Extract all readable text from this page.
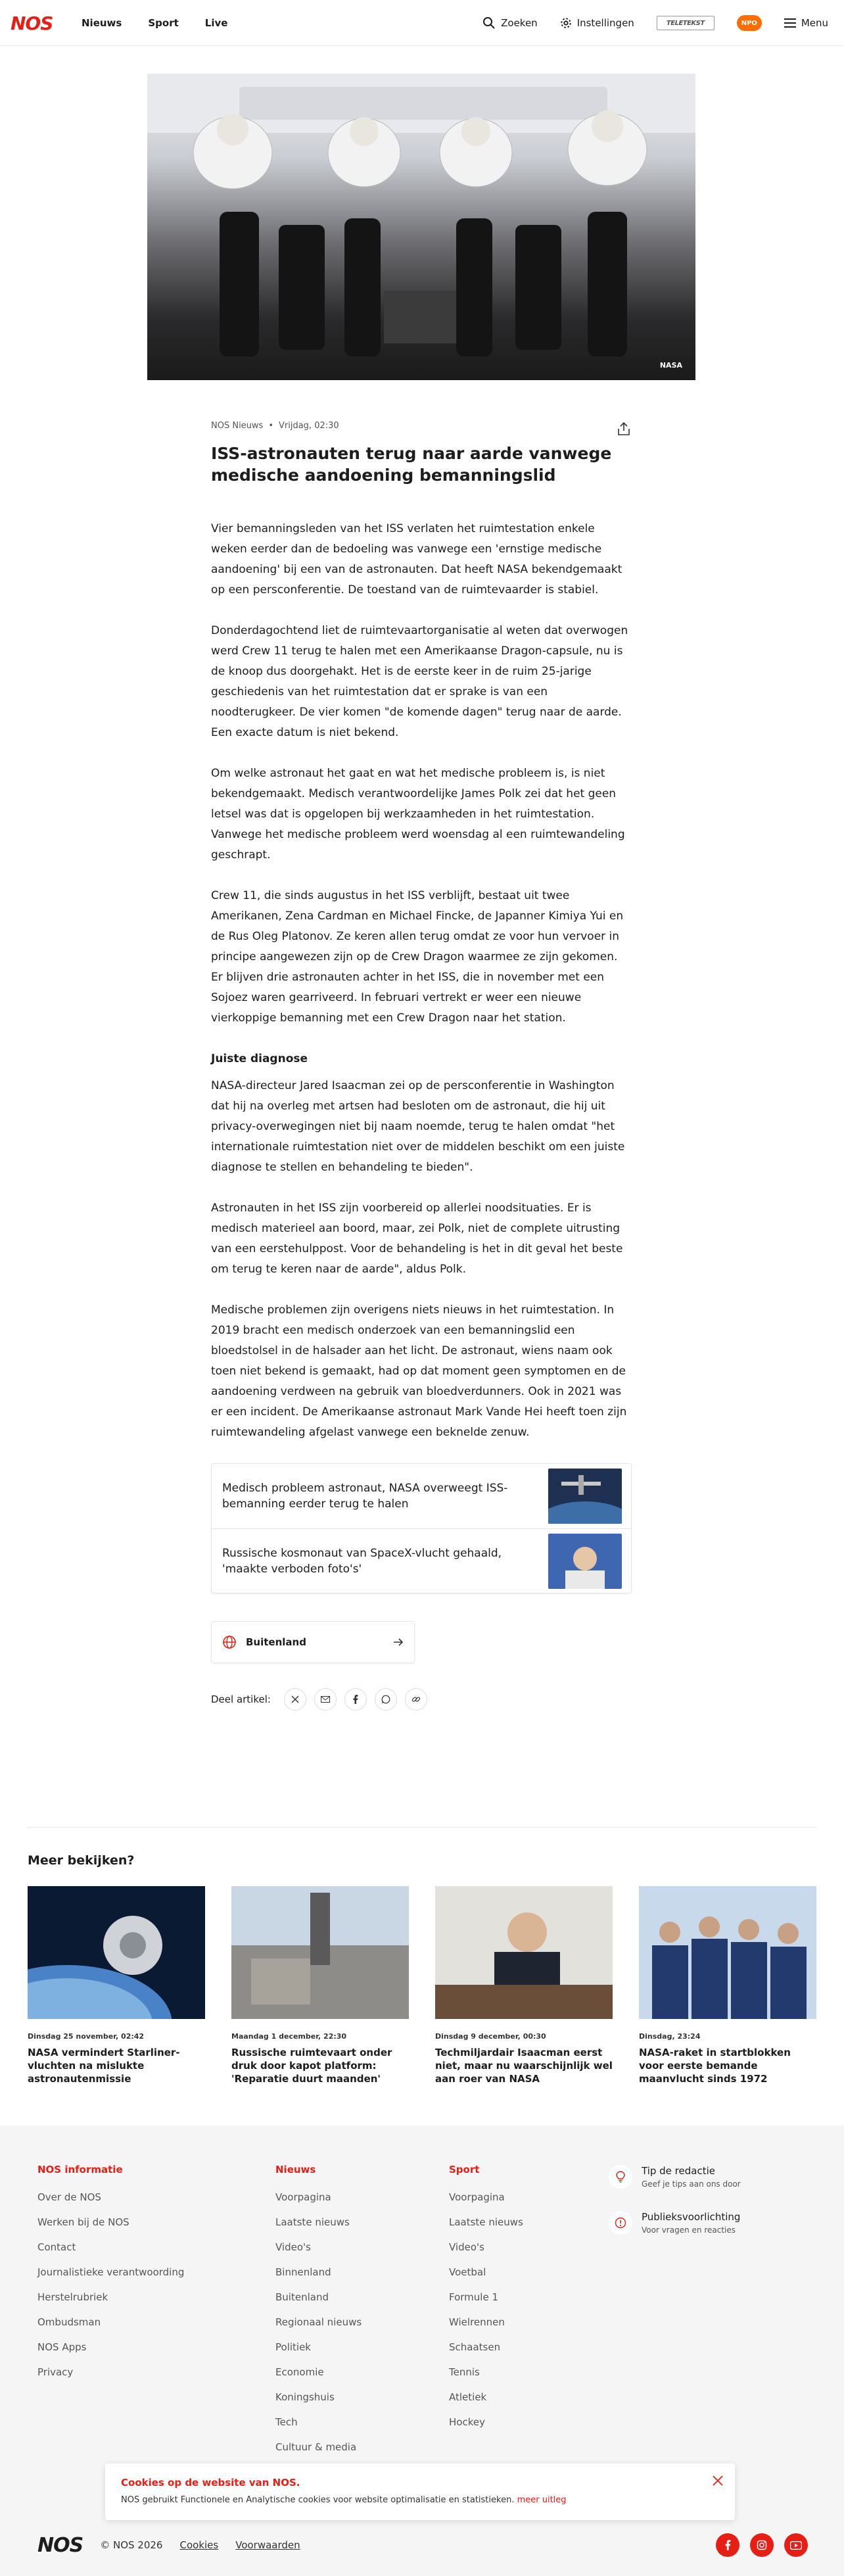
NOS	Nieuws	Sport	Live	Zoeken	Instellingen	TELETEKST	NPO	Menu
NASA
NOS Nieuws • Vrijdag, 02:30
ISS-astronauten terug naar aarde vanwege medische aandoening bemanningslid

Vier bemanningsleden van het ISS verlaten het ruimtestation enkele weken eerder dan de bedoeling was vanwege een 'ernstige medische aandoening' bij een van de astronauten. Dat heeft NASA bekendgemaakt op een persconferentie. De toestand van de ruimtevaarder is stabiel.

Donderdagochtend liet de ruimtevaartorganisatie al weten dat overwogen werd Crew 11 terug te halen met een Amerikaanse Dragon-capsule, nu is de knoop dus doorgehakt. Het is de eerste keer in de ruim 25-jarige geschiedenis van het ruimtestation dat er sprake is van een noodterugkeer. De vier komen "de komende dagen" terug naar de aarde. Een exacte datum is niet bekend.

Om welke astronaut het gaat en wat het medische probleem is, is niet bekendgemaakt. Medisch verantwoordelijke James Polk zei dat het geen letsel was dat is opgelopen bij werkzaamheden in het ruimtestation. Vanwege het medische probleem werd woensdag al een ruimtewandeling geschrapt.

Crew 11, die sinds augustus in het ISS verblijft, bestaat uit twee Amerikanen, Zena Cardman en Michael Fincke, de Japanner Kimiya Yui en de Rus Oleg Platonov. Ze keren allen terug omdat ze voor hun vervoer in principe aangewezen zijn op de Crew Dragon waarmee ze zijn gekomen. Er blijven drie astronauten achter in het ISS, die in november met een Sojoez waren gearriveerd. In februari vertrekt er weer een nieuwe vierkoppige bemanning met een Crew Dragon naar het station.

Juiste diagnose

NASA-directeur Jared Isaacman zei op de persconferentie in Washington dat hij na overleg met artsen had besloten om de astronaut, die hij uit privacy-overwegingen niet bij naam noemde, terug te halen omdat "het internationale ruimtestation niet over de middelen beschikt om een juiste diagnose te stellen en behandeling te bieden".

Astronauten in het ISS zijn voorbereid op allerlei noodsituaties. Er is medisch materieel aan boord, maar, zei Polk, niet de complete uitrusting van een eerstehulppost. Voor de behandeling is het in dit geval het beste om terug te keren naar de aarde", aldus Polk.

Medische problemen zijn overigens niets nieuws in het ruimtestation. In 2019 bracht een medisch onderzoek van een bemanningslid een bloedstolsel in de halsader aan het licht. De astronaut, wiens naam ook toen niet bekend is gemaakt, had op dat moment geen symptomen en de aandoening verdween na gebruik van bloedverdunners. Ook in 2021 was er een incident. De Amerikaanse astronaut Mark Vande Hei heeft toen zijn ruimtewandeling afgelast vanwege een beknelde zenuw.

Medisch probleem astronaut, NASA overweegt ISS-bemanning eerder terug te halen
Russische kosmonaut van SpaceX-vlucht gehaald, 'maakte verboden foto's'
Buitenland
Deel artikel:
Meer bekijken?
Dinsdag 25 november, 02:42
NASA vermindert Starliner-vluchten na mislukte astronautenmissie
Maandag 1 december, 22:30
Russische ruimtevaart onder druk door kapot platform: 'Reparatie duurt maanden'
Dinsdag 9 december, 00:30
Techmiljardair Isaacman eerst niet, maar nu waarschijnlijk wel aan roer van NASA
Dinsdag, 23:24
NASA-raket in startblokken voor eerste bemande maanvlucht sinds 1972
NOS informatie
Over de NOS
Werken bij de NOS
Contact
Journalistieke verantwoording
Herstelrubriek
Ombudsman
NOS Apps
Privacy
Nieuws
Voorpagina
Laatste nieuws
Video's
Binnenland
Buitenland
Regionaal nieuws
Politiek
Economie
Koningshuis
Tech
Cultuur & media
Sport
Voorpagina
Laatste nieuws
Video's
Voetbal
Formule 1
Wielrennen
Schaatsen
Tennis
Atletiek
Hockey
Tip de redactie
Geef je tips aan ons door
Publieksvoorlichting
Voor vragen en reacties
Cookies op de website van NOS.
NOS gebruikt Functionele en Analytische cookies voor website optimalisatie en statistieken. meer uitleg
NOS © NOS 2026 Cookies Voorwaarden
